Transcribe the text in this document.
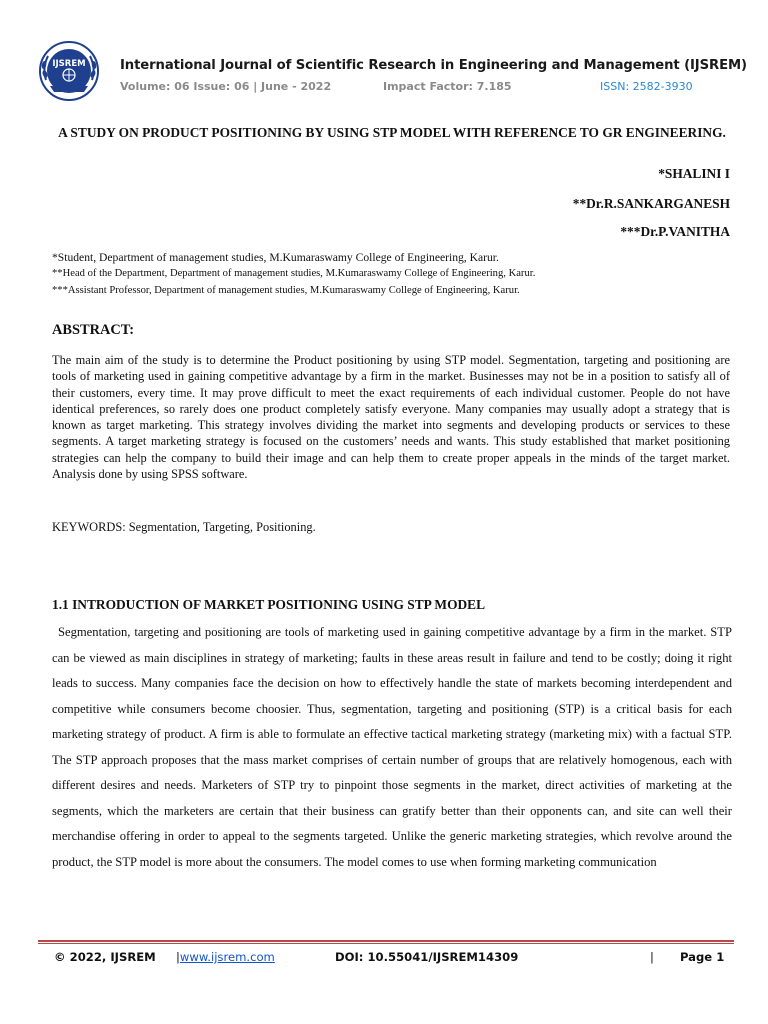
IJSREM	International Journal of Scientific Research in Engineering and Management (IJSREM)
Volume: 06 Issue: 06 | June - 2022	Impact Factor: 7.185	ISSN: 2582-3930
A STUDY ON PRODUCT POSITIONING BY USING STP MODEL WITH REFERENCE TO GR ENGINEERING.
*SHALINI I
**Dr.R.SANKARGANESH
***Dr.P.VANITHA
*Student, Department of management studies, M.Kumaraswamy College of Engineering, Karur.
**Head of the Department, Department of management studies, M.Kumaraswamy College of Engineering, Karur.
***Assistant Professor, Department of management studies, M.Kumaraswamy College of Engineering, Karur.
ABSTRACT:
The main aim of the study is to determine the Product positioning by using STP model. Segmentation, targeting and positioning are tools of marketing used in gaining competitive advantage by a firm in the market. Businesses may not be in a position to satisfy all of their customers, every time. It may prove difficult to meet the exact requirements of each individual customer. People do not have identical preferences, so rarely does one product completely satisfy everyone. Many companies may usually adopt a strategy that is known as target marketing. This strategy involves dividing the market into segments and developing products or services to these segments. A target marketing strategy is focused on the customers’ needs and wants. This study established that market positioning strategies can help the company to build their image and can help them to create proper appeals in the minds of the target market. Analysis done by using SPSS software.
KEYWORDS: Segmentation, Targeting, Positioning.
1.1 INTRODUCTION OF MARKET POSITIONING USING STP MODEL
Segmentation, targeting and positioning are tools of marketing used in gaining competitive advantage by a firm in the market. STP can be viewed as main disciplines in strategy of marketing; faults in these areas result in failure and tend to be costly; doing it right leads to success. Many companies face the decision on how to effectively handle the state of markets becoming interdependent and competitive while consumers become choosier. Thus, segmentation, targeting and positioning (STP) is a critical basis for each marketing strategy of product. A firm is able to formulate an effective tactical marketing strategy (marketing mix) with a factual STP. The STP approach proposes that the mass market comprises of certain number of groups that are relatively homogenous, each with different desires and needs. Marketers of STP try to pinpoint those segments in the market, direct activities of marketing at the segments, which the marketers are certain that their business can gratify better than their opponents can, and site can well their merchandise offering in order to appeal to the segments targeted. Unlike the generic marketing strategies, which revolve around the product, the STP model is more about the consumers. The model comes to use when forming marketing communication
© 2022, IJSREM |www.ijsrem.com	DOI: 10.55041/IJSREM14309	| Page 1
